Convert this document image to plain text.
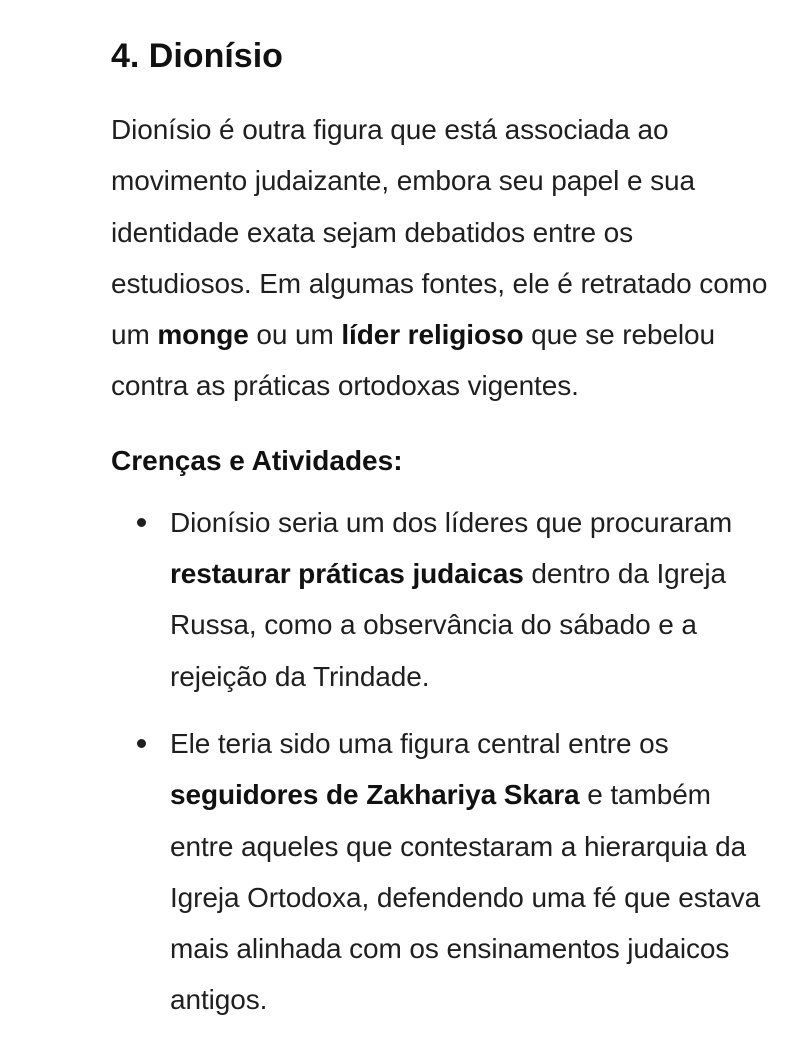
4. Dionísio

Dionísio é outra figura que está associada ao movimento judaizante, embora seu papel e sua identidade exata sejam debatidos entre os estudiosos. Em algumas fontes, ele é retratado como um monge ou um líder religioso que se rebelou contra as práticas ortodoxas vigentes.

Crenças e Atividades:
Dionísio seria um dos líderes que procuraram restaurar práticas judaicas dentro da Igreja Russa, como a observância do sábado e a rejeição da Trindade.
Ele teria sido uma figura central entre os seguidores de Zakhariya Skara e também entre aqueles que contestaram a hierarquia da Igreja Ortodoxa, defendendo uma fé que estava mais alinhada com os ensinamentos judaicos antigos.
